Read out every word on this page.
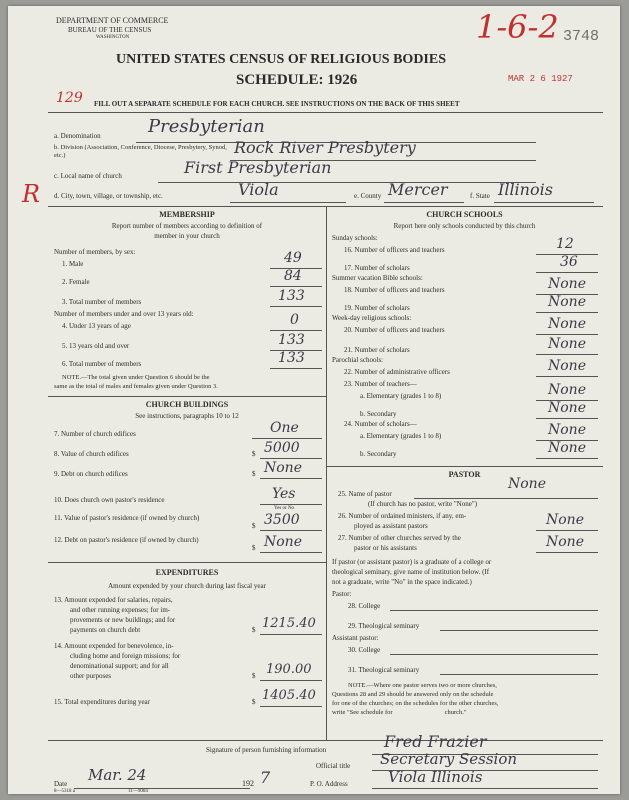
DEPARTMENT OF COMMERCE
BUREAU OF THE CENSUS
WASHINGTON
UNITED STATES CENSUS OF RELIGIOUS BODIES
SCHEDULE: 1926
1-6-2 3748
MAR 2 6 1927
129
R
FILL OUT A SEPARATE SCHEDULE FOR EACH CHURCH. SEE INSTRUCTIONS ON THE BACK OF THIS SHEET
a. Denomination	Presbyterian
b. Division (Association, Conference, Diocese, Presbytery, Synod, etc.)	Rock River Presbytery
c. Local name of church	First Presbyterian
d. City, town, village, or township, etc.	Viola	e. County Mercer	f. State Illinois
MEMBERSHIP
Report number of members according to definition of
member in your church
Number of members, by sex:
1. Male	49
2. Female	84
3. Total number of members	133
Number of members under and over 13 years old:
4. Under 13 years of age	0
5. 13 years old and over	133
6. Total number of members	133
NOTE.—The total given under Question 6 should be the
same as the total of males and females given under Question 3.
CHURCH BUILDINGS
See instructions, paragraphs 10 to 12
7. Number of church edifices	One
8. Value of church edifices	$ 5000
9. Debt on church edifices	$ None
10. Does church own pastor's residence	Yes
Yes or No
11. Value of pastor's residence (if owned by church)
$ 3500
12. Debt on pastor's residence (if owned by church)
$ None
EXPENDITURES
Amount expended by your church during last fiscal year
13. Amount expended for salaries, repairs,
and other running expenses; for im-
provements or new buildings; and for
payments on church debt	$ 1215.40
14. Amount expended for benevolence, in-
cluding home and foreign missions; for
denominational support; and for all
other purposes	$ 190.00
15. Total expenditures during year	$ 1405.40
CHURCH SCHOOLS
Report here only schools conducted by this church
Sunday schools:
16. Number of officers and teachers	12
17. Number of scholars	36
Summer vacation Bible schools:
18. Number of officers and teachers	None
19. Number of scholars	None
Week-day religious schools:
20. Number of officers and teachers	None
21. Number of scholars	None
Parochial schools:
22. Number of administrative officers	None
23. Number of teachers—
a. Elementary (grades 1 to 8)	None
b. Secondary	None
24. Number of scholars—
a. Elementary (grades 1 to 8)	None
b. Secondary	None
PASTOR
25. Name of pastor
None
(If church has no pastor, write "None")
26. Number of ordained ministers, if any, em-
ployed as assistant pastors	None
27. Number of other churches served by the
pastor or his assistants	None
If pastor (or assistant pastor) is a graduate of a college or
theological seminary, give name of institution below. (If
not a graduate, write "No" in the space indicated.)
Pastor:
28. College
29. Theological seminary
Assistant pastor:
30. College
31. Theological seminary
NOTE.—Where one pastor serves two or more churches,
Questions 28 and 29 should be answered only on the schedule
for one of the churches; on the schedules for the other churches,
write "See schedule for                                church."
Signature of person furnishing information	Fred Frazier
Official title Secretary Session
Date Mar. 24	192 7	P. O. Address	Viola Illinois
8—5318 a	11—9084
